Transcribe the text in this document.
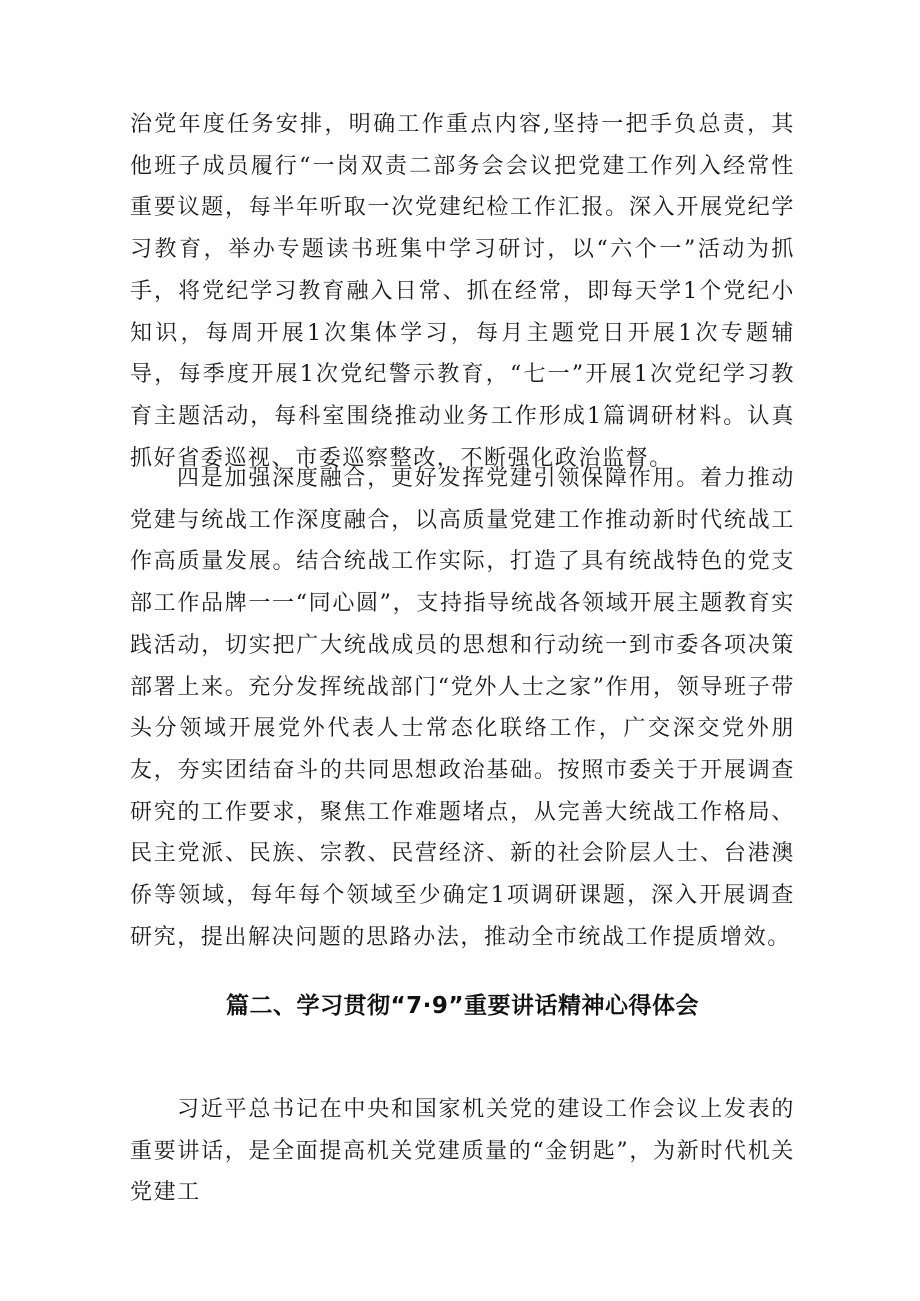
治党年度任务安排，明确工作重点内容,坚持一把手负总责，其他班子成员履行“一岗双责二部务会会议把党建工作列入经常性重要议题，每半年听取一次党建纪检工作汇报。深入开展党纪学习教育，举办专题读书班集中学习研讨，以“六个一”活动为抓手，将党纪学习教育融入日常、抓在经常，即每天学1个党纪小知识，每周开展1次集体学习，每月主题党日开展1次专题辅导，每季度开展1次党纪警示教育，“七一”开展1次党纪学习教育主题活动，每科室围绕推动业务工作形成1篇调研材料。认真抓好省委巡视、市委巡察整改，不断强化政治监督。

四是加强深度融合，更好发挥党建引领保障作用。着力推动党建与统战工作深度融合，以高质量党建工作推动新时代统战工作高质量发展。结合统战工作实际，打造了具有统战特色的党支部工作品牌一一“同心圆”，支持指导统战各领域开展主题教育实践活动，切实把广大统战成员的思想和行动统一到市委各项决策部署上来。充分发挥统战部门“党外人士之家”作用，领导班子带头分领域开展党外代表人士常态化联络工作，广交深交党外朋友，夯实团结奋斗的共同思想政治基础。按照市委关于开展调查研究的工作要求，聚焦工作难题堵点，从完善大统战工作格局、民主党派、民族、宗教、民营经济、新的社会阶层人士、台港澳侨等领域，每年每个领域至少确定1项调研课题，深入开展调查研究，提出解决问题的思路办法，推动全市统战工作提质增效。

篇二、学习贯彻“7·9”重要讲话精神心得体会

习近平总书记在中央和国家机关党的建设工作会议上发表的重要讲话，是全面提高机关党建质量的“金钥匙”，为新时代机关党建工
